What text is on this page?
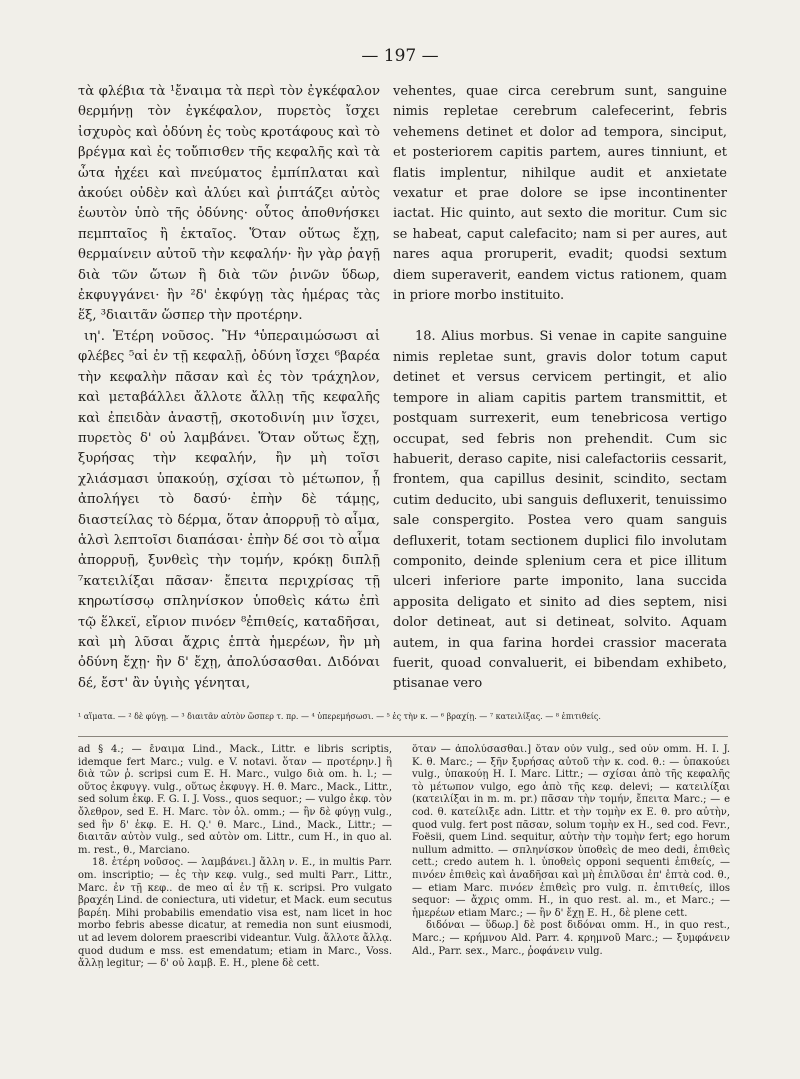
— 197 —

τὰ φλέβια τὰ ¹ἔναιμα τὰ περὶ τὸν ἐγκέφαλον θερμήνῃ τὸν ἐγκέφαλον, πυρετὸς ἴσχει ἰσχυρὸς καὶ ὀδύνη ἐς τοὺς κροτάφους καὶ τὸ βρέγμα καὶ ἐς τοὔπισθεν τῆς κεφαλῆς καὶ τὰ ὦτα ἠχέει καὶ πνεύματος ἐμπίπλαται καὶ ἀκούει οὐδὲν καὶ ἀλύει καὶ ῥιπτάζει αὐτὸς ἑωυτὸν ὑπὸ τῆς ὀδύνης· οὗτος ἀποθνήσκει πεμπταῖος ἢ ἑκταῖος. Ὅταν οὕτως ἔχῃ, θερμαίνειν αὐτοῦ τὴν κεφαλήν· ἢν γὰρ ῥαγῇ διὰ τῶν ὤτων ἢ διὰ τῶν ῥινῶν ὕδωρ, ἐκφυγγάνει· ἢν ²δ' ἐκφύγῃ τὰς ἡμέρας τὰς ἕξ, ³διαιτᾶν ὥσπερ τὴν προτέρην.

ιη'. Ἑτέρη νοῦσος. Ἢν ⁴ὑπεραιμώσωσι αἱ φλέβες ⁵αἱ ἐν τῇ κεφαλῇ, ὀδύνη ἴσχει ⁶βαρέα τὴν κεφαλὴν πᾶσαν καὶ ἐς τὸν τράχηλον, καὶ μεταβάλλει ἄλλοτε ἄλλῃ τῆς κεφαλῆς καὶ ἐπειδὰν ἀναστῇ, σκοτοδινίη μιν ἴσχει, πυρετὸς δ' οὐ λαμβάνει. Ὅταν οὕτως ἔχῃ, ξυρήσας τὴν κεφαλήν, ἢν μὴ τοῖσι χλιάσμασι ὑπακούῃ, σχίσαι τὸ μέτωπον, ᾗ ἀπολήγει τὸ δασύ· ἐπὴν δὲ τάμῃς, διαστείλας τὸ δέρμα, ὅταν ἀπορρυῇ τὸ αἷμα, ἁλσὶ λεπτοῖσι διαπάσαι· ἐπὴν δέ σοι τὸ αἷμα ἀπορρυῇ, ξυνθεὶς τὴν τομήν, κρόκῃ διπλῇ ⁷κατειλίξαι πᾶσαν· ἔπειτα περιχρίσας τῇ κηρωτίσσῳ σπληνίσκον ὑποθεὶς κάτω ἐπὶ τῷ ἕλκεϊ, εἴριον πινόεν ⁸ἐπιθείς, καταδῆσαι, καὶ μὴ λῦσαι ἄχρις ἑπτὰ ἡμερέων, ἢν μὴ ὀδύνη ἔχῃ· ἢν δ' ἔχῃ, ἀπολύσασθαι. Διδόναι δέ, ἔστ' ἂν ὑγιὴς γένηται,

vehentes, quae circa cerebrum sunt, sanguine nimis repletae cerebrum calefecerint, febris vehemens detinet et dolor ad tempora, sinciput, et posteriorem capitis partem, aures tinniunt, et flatis implentur, nihilque audit et anxietate vexatur et prae dolore se ipse incontinenter iactat. Hic quinto, aut sexto die moritur. Cum sic se habeat, caput calefacito; nam si per aures, aut nares aqua proruperit, evadit; quodsi sextum diem superaverit, eandem victus rationem, quam in priore morbo instituito.

18. Alius morbus. Si venae in capite sanguine nimis repletae sunt, gravis dolor totum caput detinet et versus cervicem pertingit, et alio tempore in aliam capitis partem transmittit, et postquam surrexerit, eum tenebricosa vertigo occupat, sed febris non prehendit. Cum sic habuerit, deraso capite, nisi calefactoriis cessarit, frontem, qua capillus desinit, scindito, sectam cutim deducito, ubi sanguis defluxerit, tenuissimo sale conspergito. Postea vero quam sanguis defluxerit, totam sectionem duplici filo involutam componito, deinde splenium cera et pice illitum ulceri inferiore parte imponito, lana succida apposita deligato et sinito ad dies septem, nisi dolor detineat, aut si detineat, solvito. Aquam autem, in qua farina hordei crassior macerata fuerit, quoad convaluerit, ei bibendam exhibeto, ptisanae vero

¹ αἵματα. — ² δὲ φύγῃ. — ³ διαιτᾶν αὐτὸν ὥσπερ τ. πρ. — ⁴ ὑπερεμήσωσι. — ⁵ ἐς τὴν κ. — ⁶ βραχίῃ. — ⁷ κατειλίξας. — ⁸ ἐπιτιθείς.

ad § 4.; — ἔναιμα Lind., Mack., Littr. e libris scriptis, idemque fert Marc.; vulg. e V. notavi. ὅταν — προτέρην.] ἢ διὰ τῶν ῥ. scripsi cum E. H. Marc., vulgo διὰ om. h. l.; — οὕτος ἐκφυγγ. vulg., οὕτως ἐκφυγγ. H. θ. Marc., Mack., Littr., sed solum ἐκφ. F. G. I. J. Voss., quos sequor.; — vulgo ἐκφ. τὸν ὄλεθρον, sed E. H. Marc. τὸν ὀλ. omm.; — ἢν δὲ φύγῃ vulg., sed ἢν δ' ἐκφ. E. H. Q.' θ. Marc., Lind., Mack., Littr.; — διαιτᾶν αὐτὸν vulg., sed αὐτὸν om. Littr., cum H., in quo al. m. rest., θ., Marciano.

18. ἑτέρη νοῦσος. — λαμβάνει.] ἄλλη ν. E., in multis Parr. om. inscriptio; — ἐς τὴν κεφ. vulg., sed multi Parr., Littr., Marc. ἐν τῇ κεφ.. de meo αἱ ἐν τῇ κ. scripsi. Pro vulgato βραχέη Lind. de coniectura, uti videtur, et Mack. eum secutus βαρέη. Mihi probabilis emendatio visa est, nam licet in hoc morbo febris abesse dicatur, at remedia non sunt eiusmodi, ut ad levem dolorem praescribi videantur. Vulg. ἄλλοτε ἄλλᾳ. quod dudum e mss. est emendatum; etiam in Marc., Voss. ἄλλῃ legitur; — δ' οὐ λαμβ. E. H., plene δὲ cett.

ὅταν — ἀπολύσασθαι.] ὅταν οὖν vulg., sed οὖν omm. H. I. J. K. θ. Marc.; — ξῆν ξυρήσας αὐτοῦ τὴν κ. cod. θ.: — ὑπακούει vulg., ὑπακούῃ H. I. Marc. Littr.; — σχίσαι ἀπὸ τῆς κεφαλῆς τὸ μέτωπον vulgo, ego ἀπὸ τῆς κεφ. delevi; — κατειλίξαι (κατειλίξαι in m. m. pr.) πᾶσαν τὴν τομήν, ἔπειτα Marc.; — e cod. θ. κατείλιξε adn. Littr. et τὴν τομὴν ex E. θ. pro αὐτὴν, quod vulg. fert post πᾶσαν, solum τομὴν ex H., sed cod. Fevr., Foësii, quem Lind. sequitur, αὐτὴν τὴν τομὴν fert; ego horum nullum admitto. — σπληνίσκον ὑποθεὶς de meo dedi, ἐπιθεὶς cett.; credo autem h. l. ὑποθεὶς opponi sequenti ἐπιθείς, — πινόεν ἐπιθεὶς καὶ ἀναδῆσαι καὶ μὴ ἐπιλῦσαι ἐπ' ἑπτὰ cod. θ., — etiam Marc. πινόεν ἐπιθεὶς pro vulg. π. ἐπιτιθείς, illos sequor: — ἄχρις omm. H., in quo rest. al. m., et Marc.; — ἡμερέων etiam Marc.; — ἢν δ' ἔχῃ E. H., δὲ plene cett.

διδόναι — ὕδωρ.] δὲ post διδόναι omm. H., in quo rest., Marc.; — κρήμνου Ald. Parr. 4. κρημνοῦ Marc.; — ξυμφάνειν Ald., Parr. sex., Marc., ῥοφάνειν vulg.
